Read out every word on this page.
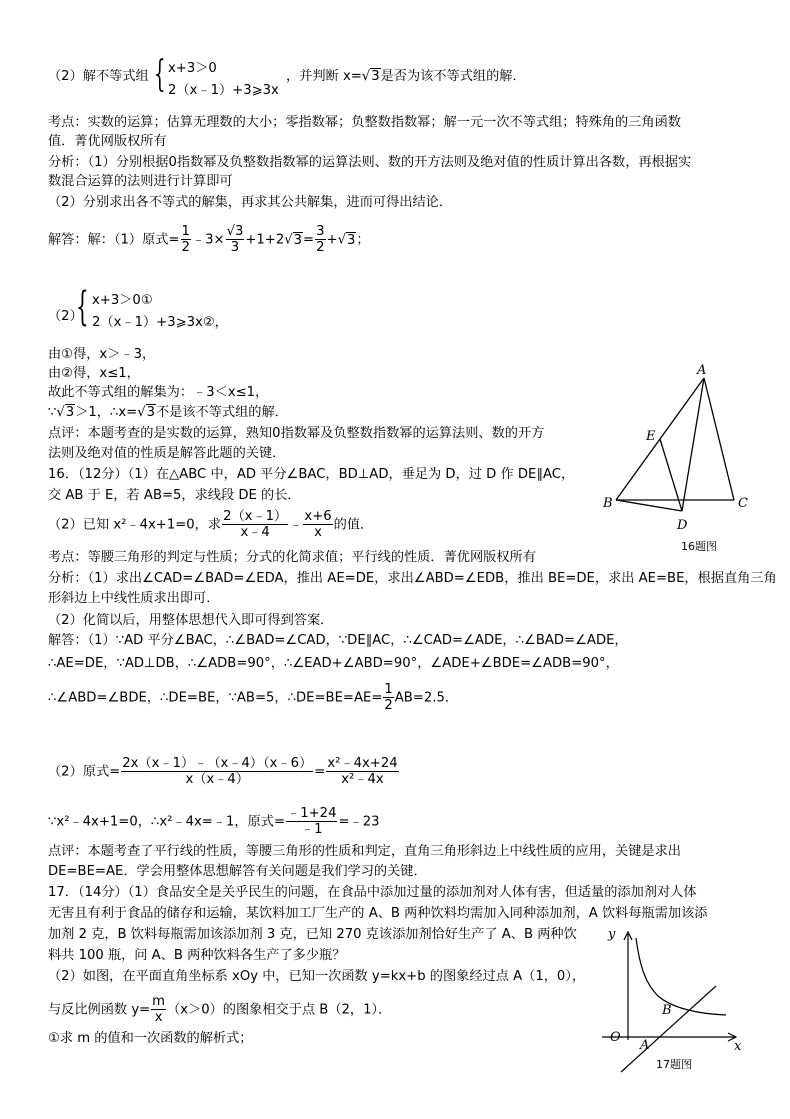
（2）解不等式组 { x+3＞0
2（x﹣1）+3⩾3x
，并判断 x=√3是否为该不等式组的解．
考点：实数的运算；估算无理数的大小；零指数幂；负整数指数幂；解一元一次不等式组；特殊角的三角函数
值．菁优网版权所有
分析：（1）分别根据0指数幂及负整数指数幂的运算法则、数的开方法则及绝对值的性质计算出各数，再根据实
数混合运算的法则进行计算即可
（2）分别求出各不等式的解集，再求其公共解集，进而可得出结论．
解答：解：（1）原式= $\frac{1}{2}$ ﹣3× $\frac{√3}{3} +1+2√3= \frac{3}{2} +√3$；
（2）
{ x+3＞0①
2（x﹣1）+3⩾3x②，
由①得，x＞﹣3，
由②得，x≤1，
故此不等式组的解集为：﹣3＜x≤1，
∵√3＞1，∴x=√3不是该不等式组的解．
点评：本题考查的是实数的运算，熟知0指数幂及负整数指数幂的运算法则、数的开方
法则及绝对值的性质是解答此题的关键．
16．（12分）（1）在△ABC 中，AD 平分∠BAC，BD⊥AD，垂足为 D，过 D 作 DE∥AC，
交 AB 于 E，若 AB=5，求线段 DE 的长．
（2）已知 x²﹣4x+1=0，求 $\frac{2(x﹣1)}{x﹣4}$ ﹣ $\frac{x+6}{x}$ 的值．
考点：等腰三角形的判定与性质；分式的化简求值；平行线的性质．菁优网版权所有
分析：（1）求出∠CAD=∠BAD=∠EDA，推出 AE=DE，求出∠ABD=∠EDB，推出 BE=DE，求出 AE=BE，根据直角三角
形斜边上中线性质求出即可．
（2）化简以后，用整体思想代入即可得到答案．
解答：（1）∵AD 平分∠BAC，∴∠BAD=∠CAD，∵DE∥AC，∴∠CAD=∠ADE，∴∠BAD=∠ADE，
∴AE=DE，∵AD⊥DB，∴∠ADB=90°，∴∠EAD+∠ABD=90°，∠ADE+∠BDE=∠ADB=90°，
∴∠ABD=∠BDE，∴DE=BE，∵AB=5，∴DE=BE=AE= $\frac{1}{2} AB=2.5$．
（2）原式= $\frac{2x(x﹣1)﹣(x﹣4)(x﹣6)}{x(x﹣4)} = \frac{\text{x²﹣4x+24}}{\text{x²﹣4x}}$
∵x²﹣4x+1=0，∴x²﹣4x=﹣1，原式= $\frac{﹣1+24}{﹣1}$ =﹣23
点评：本题考查了平行线的性质，等腰三角形的性质和判定，直角三角形斜边上中线性质的应用，关键是求出
DE=BE=AE．学会用整体思想解答有关问题是我们学习的关键．
17．（14分）（1）食品安全是关乎民生的问题，在食品中添加过量的添加剂对人体有害，但适量的添加剂对人体
无害且有利于食品的储存和运输，某饮料加工厂生产的 A、B 两种饮料均需加入同种添加剂，A 饮料每瓶需加该添
加剂 2 克，B 饮料每瓶需加该添加剂 3 克，已知 270 克该添加剂恰好生产了 A、B 两种饮
料共 100 瓶，问 A、B 两种饮料各生产了多少瓶？
（2）如图，在平面直角坐标系 xOy 中，已知一次函数 y=kx+b 的图象经过点 A（1，0），
与反比例函数 $y= \frac{m}{x} (x>0)$的图象相交于点 B（2，1）．
①求 m 的值和一次函数的解析式；
A
E
B	C
D
16题图
y
x
O
A
B
17题图
